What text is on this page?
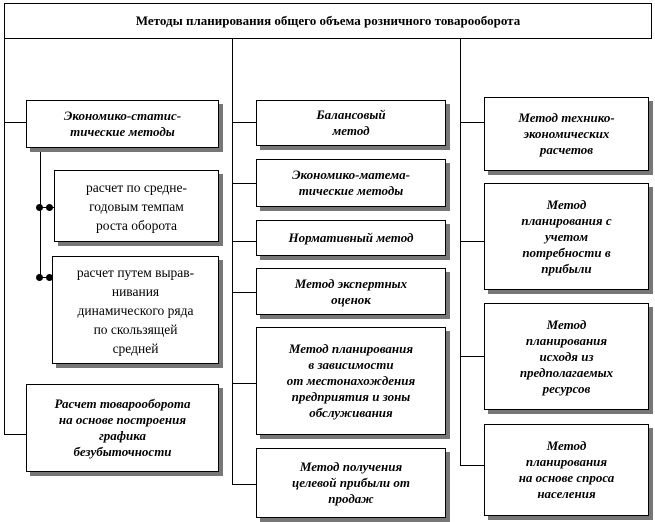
Методы планирования общего объема розничного товарооборота
Экономико-статис-
тические методы
расчет по средне-
годовым темпам
роста оборота
расчет путем вырав-
нивания
динамического ряда
по скользящей
средней
Расчет товарооборота
на основе построения
графика
безубыточности
Балансовый
метод
Экономико-матема-
тические методы
Нормативный метод
Метод экспертных
оценок
Метод планирования
в зависимости
от местонахождения
предприятия и зоны
обслуживания
Метод получения
целевой прибыли от
продаж
Метод технико-
экономических
расчетов
Метод
планирования с
учетом
потребности в
прибыли
Метод
планирования
исходя из
предполагаемых
ресурсов
Метод
планирования
на основе спроса
населения
